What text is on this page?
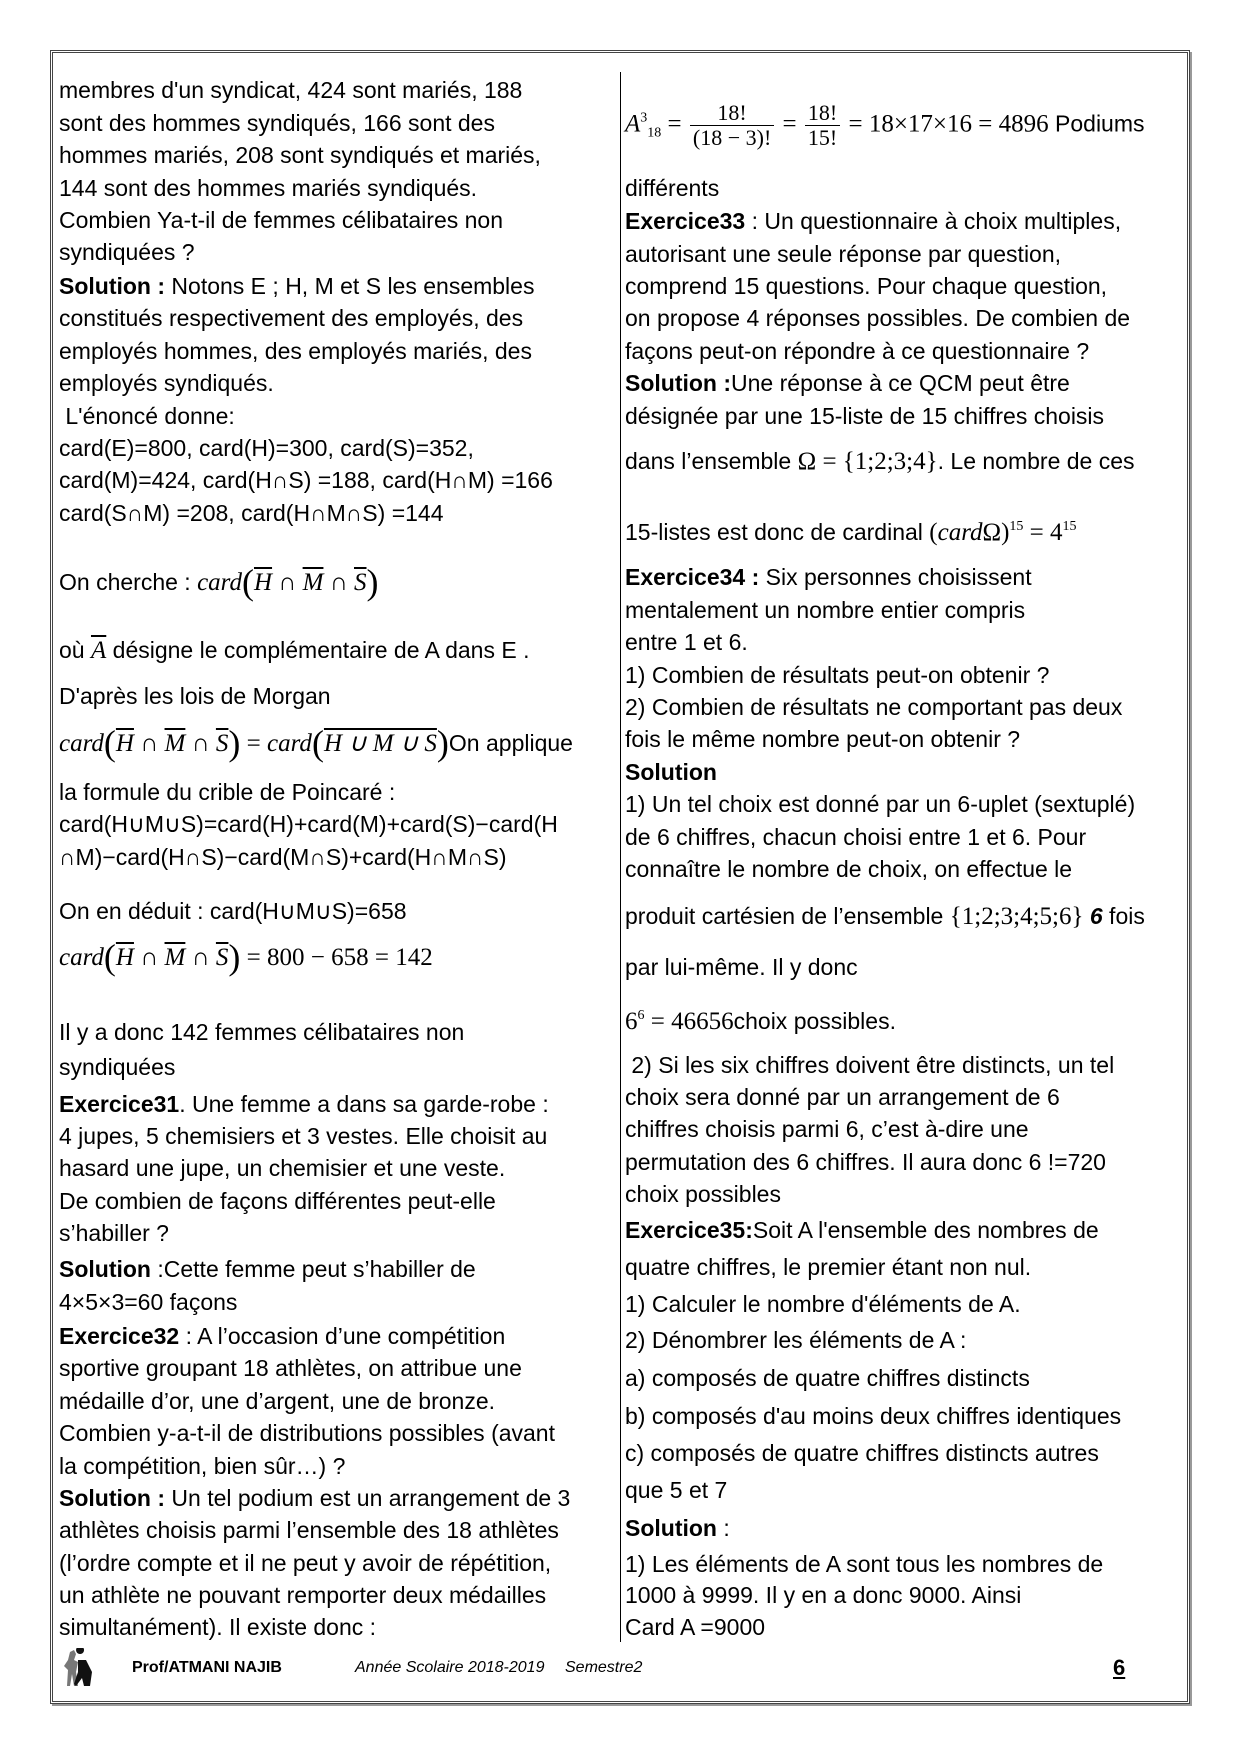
membres d'un syndicat, 424 sont mariés, 188
sont des hommes syndiqués, 166 sont des
hommes mariés, 208 sont syndiqués et mariés,
144 sont des hommes mariés syndiqués.
Combien Ya-t-il de femmes célibataires non
syndiquées ?
Solution : Notons E ; H, M et S les ensembles
constitués respectivement des employés, des
employés hommes, des employés mariés, des
employés syndiqués.
L'énoncé donne:
card(E)=800, card(H)=300, card(S)=352,
card(M)=424, card(H∩S) =188, card(H∩M) =166
card(S∩M) =208, card(H∩M∩S) =144
On cherche : $card(\overline{H}$ ∩ $\overline{M}$ ∩ $\overline{S}$)
où $\overline{A}$ désigne le complémentaire de A dans E .
D'après les lois de Morgan
$card(\overline{H}$ ∩ $\overline{M}$ ∩ $\overline{S}$) = card(H ∪ M ∪ S)On applique
la formule du crible de Poincaré :
card(H∪M∪S)=card(H)+card(M)+card(S)−card(H
∩M)−card(H∩S)−card(M∩S)+card(H∩M∩S)
On en déduit : card(H∪M∪S)=658
$card(\overline{H}$ ∩ $\overline{M}$ ∩ $\overline{S}) = 800 - 658 = 142$
Il y a donc 142 femmes célibataires non
syndiquées
Exercice31. Une femme a dans sa garde-robe :
4 jupes, 5 chemisiers et 3 vestes. Elle choisit au
hasard une jupe, un chemisier et une veste.
De combien de façons différentes peut-elle
s’habiller ?
Solution :Cette femme peut s’habiller de
4×5×3=60 façons
Exercice32 : A l’occasion d’une compétition
sportive groupant 18 athlètes, on attribue une
médaille d’or, une d’argent, une de bronze.
Combien y-a-t-il de distributions possibles (avant
la compétition, bien sûr…) ?
Solution : Un tel podium est un arrangement de 3
athlètes choisis parmi l’ensemble des 18 athlètes
(l’ordre compte et il ne peut y avoir de répétition,
un athlète ne pouvant remporter deux médailles
simultanément). Il existe donc :
$A^3_{18} = \frac{18!}{(18 - 3)!} = \frac{18!}{15!} = 18\times 17\times 16 = 4896$ Podiums
différents
Exercice33 : Un questionnaire à choix multiples,
autorisant une seule réponse par question,
comprend 15 questions. Pour chaque question,
on propose 4 réponses possibles. De combien de
façons peut-on répondre à ce questionnaire ?
Solution :Une réponse à ce QCM peut être
désignée par une 15-liste de 15 chiffres choisis
dans l’ensemble Ω = {1;2;3;4}. Le nombre de ces
15-listes est donc de cardinal (cardΩ)$^{15}$ = $4^{15}$
Exercice34 : Six personnes choisissent
mentalement un nombre entier compris
entre 1 et 6.
1) Combien de résultats peut-on obtenir ?
2) Combien de résultats ne comportant pas deux
fois le même nombre peut-on obtenir ?
Solution
1) Un tel choix est donné par un 6-uplet (sextuplé)
de 6 chiffres, chacun choisi entre 1 et 6. Pour
connaître le nombre de choix, on effectue le
produit cartésien de l’ensemble {1;2;3;4;5;6} 6 fois
par lui-même. Il y donc
$6^6$ = 46656choix possibles.
2) Si les six chiffres doivent être distincts, un tel
choix sera donné par un arrangement de 6
chiffres choisis parmi 6, c’est à-dire une
permutation des 6 chiffres. Il aura donc 6 !=720
choix possibles
Exercice35:Soit A l'ensemble des nombres de
quatre chiffres, le premier étant non nul.
1) Calculer le nombre d'éléments de A.
2) Dénombrer les éléments de A :
a) composés de quatre chiffres distincts
b) composés d'au moins deux chiffres identiques
c) composés de quatre chiffres distincts autres
que 5 et 7
Solution :
1) Les éléments de A sont tous les nombres de
1000 à 9999. Il y en a donc 9000. Ainsi
Card A =9000
Prof/ATMANI NAJIB	Année Scolaire 2018-2019 Semestre2	6
